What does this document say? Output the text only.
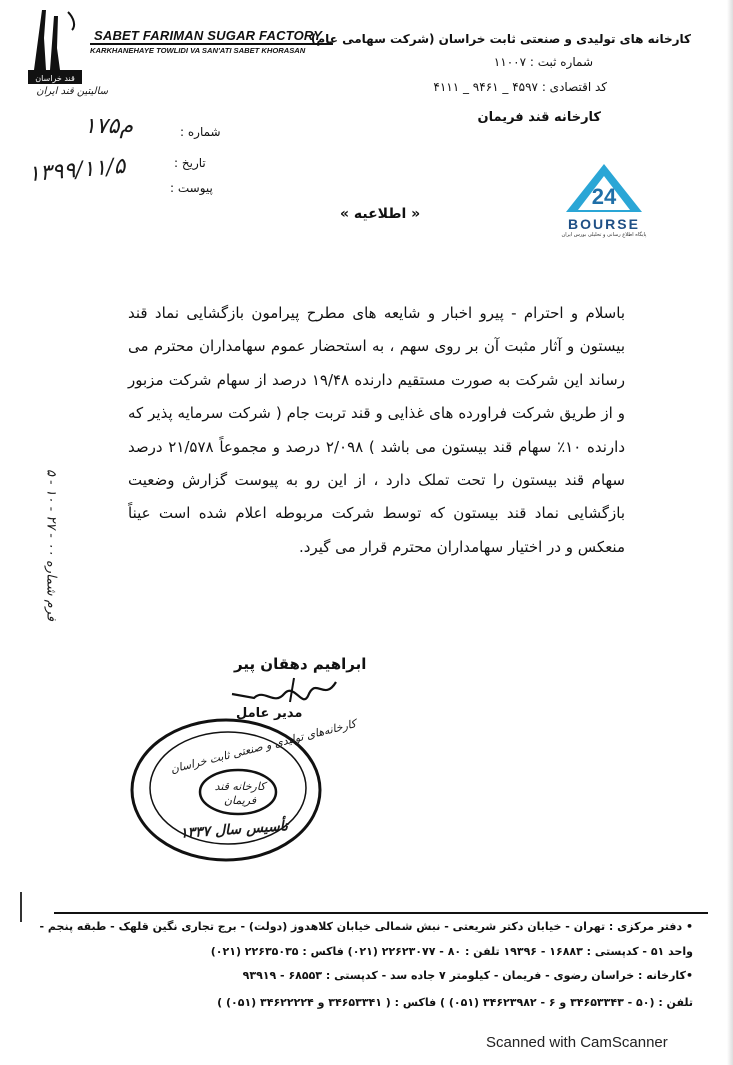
قند خراسان
سالیتین قند ایران
SABET FARIMAN SUGAR FACTORY
KARKHANEHAYE TOWLIDI VA SAN'ATI SABET KHORASAN
کارخانه های تولیدی و صنعتی ثابت خراسان (شرکت سهامی عام)
شماره ثبت : ۱۱۰۰۷
کد اقتصادی : ۴۵۹۷ _ ۹۴۶۱ _ ۴۱۱۱
کارخانه قند فریمان
شماره :
۱۷۵م
تاریخ :
۱۳۹۹/۱۱/۵
پیوست :
« اطلاعیه »
24
BOURSE
پایگاه اطلاع رسانی و تحلیلی بورس ایران
باسلام و احترام - پیرو اخبار و شایعه های مطرح پیرامون بازگشایی نماد قند بیستون و آثار مثبت آن بر روی سهم ، به استحضار عموم سهامداران محترم می رساند این شرکت به صورت مستقیم دارنده ۱۹/۴۸ درصد از سهام شرکت مزبور و از طریق شرکت فراورده های غذایی و قند تربت جام ( شرکت سرمایه پذیر که دارنده ۱۰٪ سهام قند بیستون می باشد ) ۲/۰۹۸ درصد و مجموعاً ۲۱/۵۷۸ درصد سهام قند بیستون را تحت تملک دارد ، از این رو به پیوست گزارش وضعیت بازگشایی نماد قند بیستون که توسط شرکت مربوطه اعلام شده است عیناً منعکس و در اختیار سهامداران محترم قرار می گیرد.
ابراهیم دهقان پیر
مدیر عامل
کارخانه‌های تولیدی و صنعتی ثابت خراسان
کارخانه قند فریمان
تأسیس سال ۱۳۳۷
فرم شماره ۰۰ - ۲۷ - ۱۰ - ۵
• دفتر مرکزی : تهران - خیابان دکتر شریعتی - نبش شمالی خیابان کلاهدوز (دولت) - برج تجاری نگین قلهک - طبقه پنجم -
واحد ۵۱ - کدپستی : ۱۶۸۸۳ - ۱۹۳۹۶ تلفن : ۸۰ - ۲۲۶۲۳۰۷۷ (۰۲۱) فاکس : ۲۲۶۳۵۰۳۵ (۰۲۱)
•کارخانه : خراسان رضوی - فریمان - کیلومتر ۷ جاده سد - کدپستی : ۶۸۵۵۳ - ۹۳۹۱۹
تلفن : (۵۰ - ۳۴۶۵۳۳۴۳ و ۶ - ۳۴۶۲۳۹۸۲ (۰۵۱) ) فاکس : ( ۳۴۶۵۳۳۴۱ و ۳۴۶۲۲۲۲۴ (۰۵۱) )
Scanned with CamScanner
